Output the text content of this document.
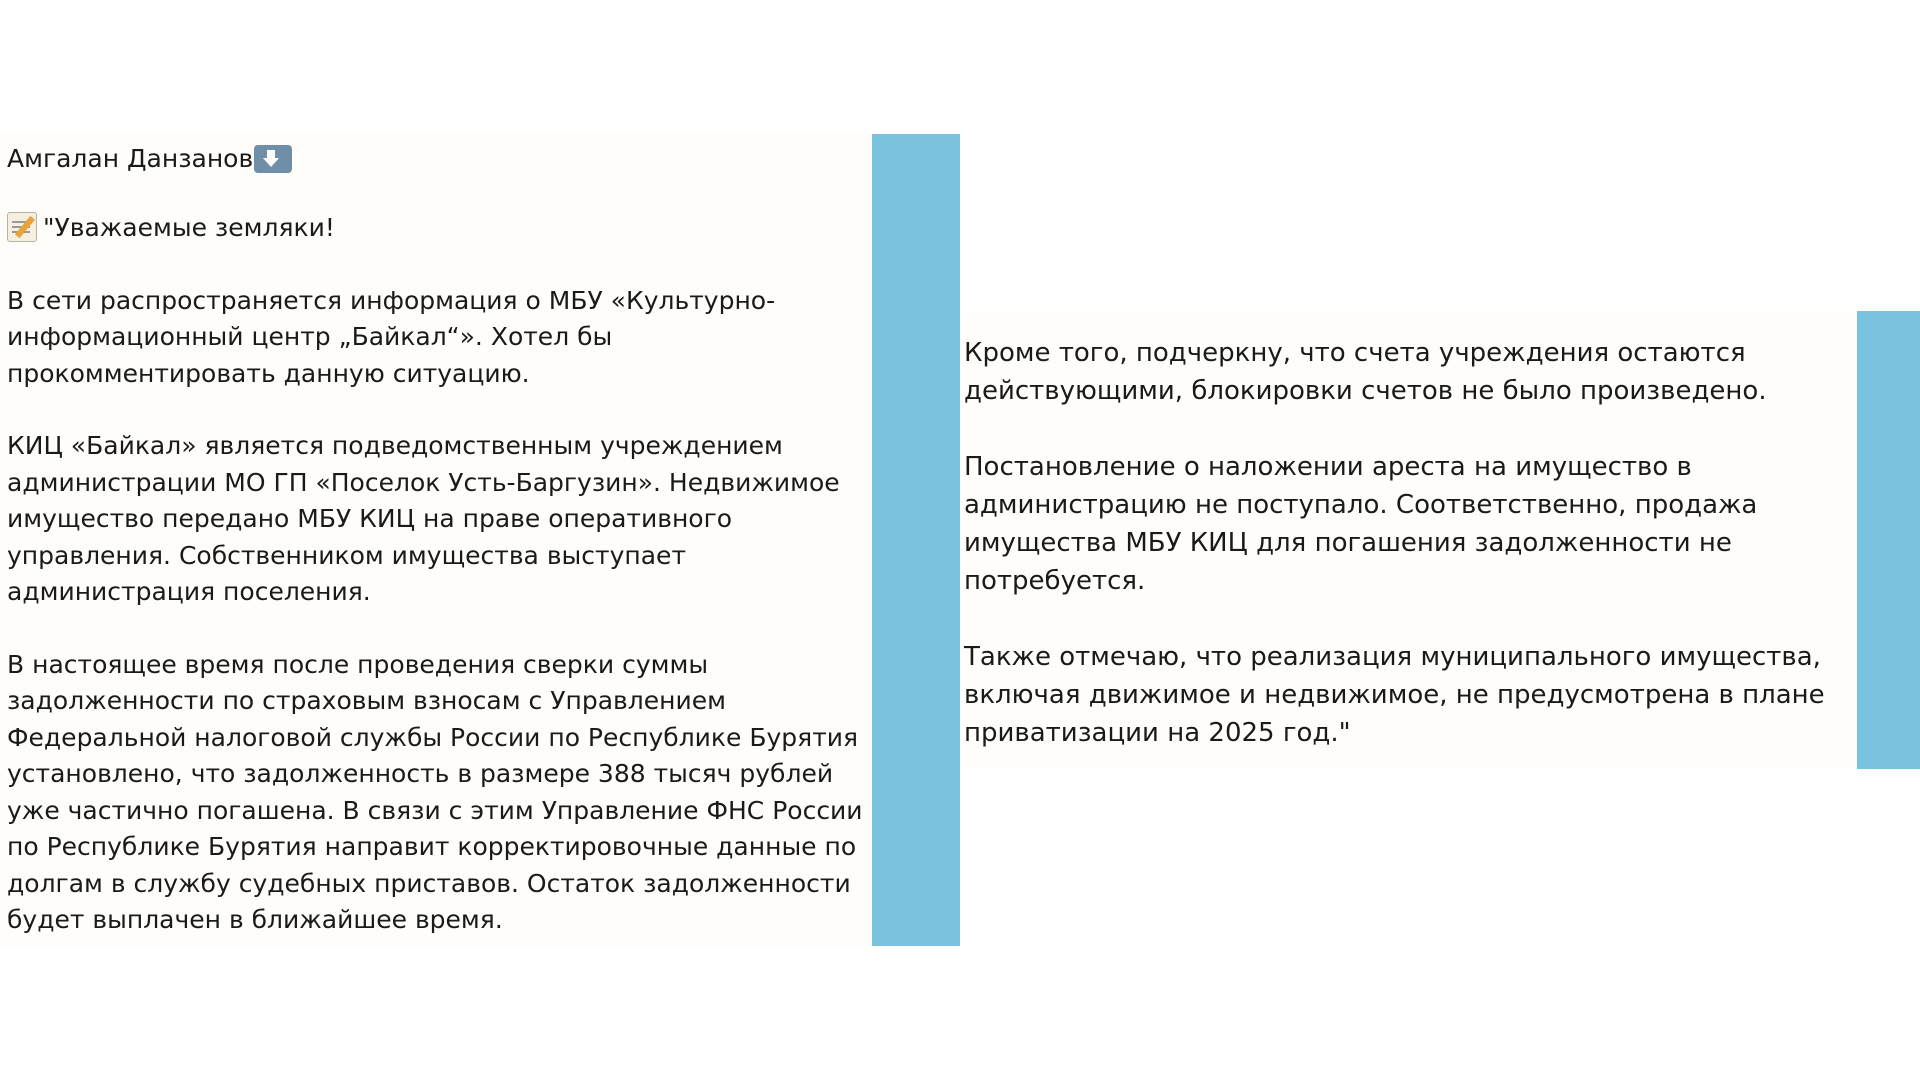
Амгалан Данзанов

"Уважаемые земляки!

В сети распространяется информация о МБУ «Культурно-
информационный центр „Байкал“». Хотел бы
прокомментировать данную ситуацию.

КИЦ «Байкал» является подведомственным учреждением
администрации МО ГП «Поселок Усть-Баргузин». Недвижимое
имущество передано МБУ КИЦ на праве оперативного
управления. Собственником имущества выступает
администрация поселения.

В настоящее время после проведения сверки суммы
задолженности по страховым взносам с Управлением
Федеральной налоговой службы России по Республике Бурятия
установлено, что задолженность в размере 388 тысяч рублей
уже частично погашена. В связи с этим Управление ФНС России
по Республике Бурятия направит корректировочные данные по
долгам в службу судебных приставов. Остаток задолженности
будет выплачен в ближайшее время.

Кроме того, подчеркну, что счета учреждения остаются
действующими, блокировки счетов не было произведено.

Постановление о наложении ареста на имущество в
администрацию не поступало. Соответственно, продажа
имущества МБУ КИЦ для погашения задолженности не
потребуется.

Также отмечаю, что реализация муниципального имущества,
включая движимое и недвижимое, не предусмотрена в плане
приватизации на 2025 год."
